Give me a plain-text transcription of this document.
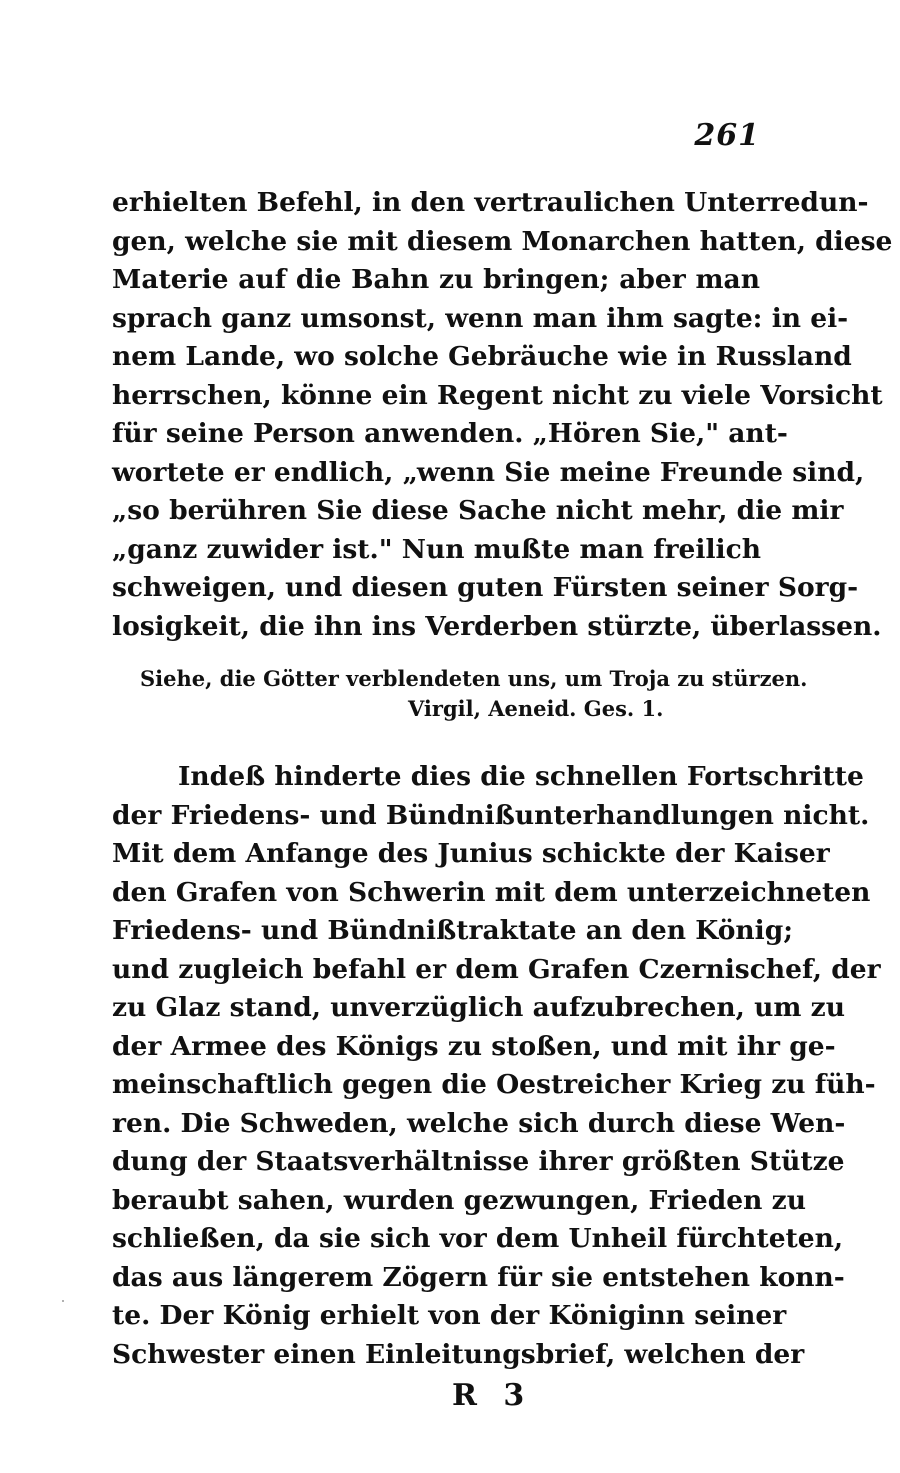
261
erhielten Befehl, in den vertraulichen Unterredun-
gen, welche sie mit diesem Monarchen hatten, diese
Materie auf die Bahn zu bringen; aber man
sprach ganz umsonst, wenn man ihm sagte: in ei-
nem Lande, wo solche Gebräuche wie in Russland
herrschen, könne ein Regent nicht zu viele Vorsicht
für seine Person anwenden. „Hören Sie," ant-
wortete er endlich, „wenn Sie meine Freunde sind,
„so berühren Sie diese Sache nicht mehr, die mir
„ganz zuwider ist." Nun mußte man freilich
schweigen, und diesen guten Fürsten seiner Sorg-
losigkeit, die ihn ins Verderben stürzte, überlassen.
Siehe, die Götter verblendeten uns, um Troja zu stürzen.
Virgil, Aeneid. Ges. 1.
Indeß hinderte dies die schnellen Fortschritte
der Friedens- und Bündnißunterhandlungen nicht.
Mit dem Anfange des Junius schickte der Kaiser
den Grafen von Schwerin mit dem unterzeichneten
Friedens- und Bündnißtraktate an den König;
und zugleich befahl er dem Grafen Czernischef, der
zu Glaz stand, unverzüglich aufzubrechen, um zu
der Armee des Königs zu stoßen, und mit ihr ge-
meinschaftlich gegen die Oestreicher Krieg zu füh-
ren. Die Schweden, welche sich durch diese Wen-
dung der Staatsverhältnisse ihrer größten Stütze
beraubt sahen, wurden gezwungen, Frieden zu
schließen, da sie sich vor dem Unheil fürchteten,
das aus längerem Zögern für sie entstehen konn-
te. Der König erhielt von der Königinn seiner
Schwester einen Einleitungsbrief, welchen der
R 3
